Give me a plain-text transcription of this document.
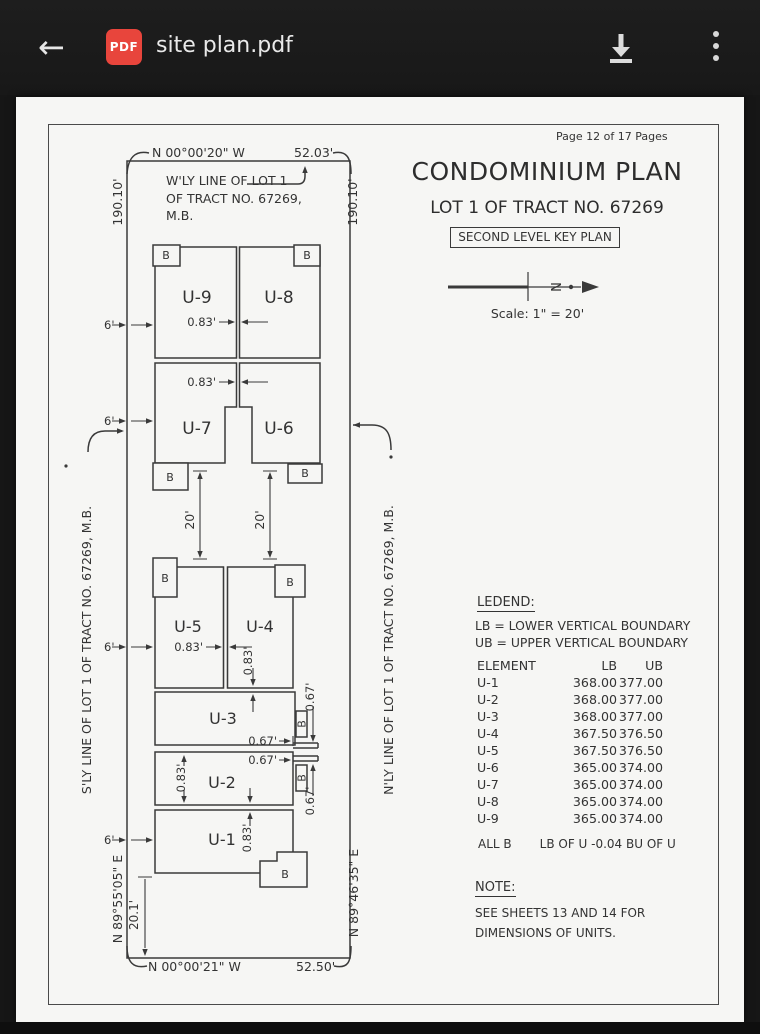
←	PDF site plan.pdf
Page 12 of 17 Pages
CONDOMINIUM PLAN
LOT 1 OF TRACT NO. 67269
SECOND LEVEL KEY PLAN
Scale: 1" = 20'
LEDEND:
LB = LOWER VERTICAL BOUNDARY
UB = UPPER VERTICAL BOUNDARY
ELEMENT	LB	UB
U-1	368.00 377.00
U-2	368.00 377.00
U-3	368.00 377.00
U-4	367.50 376.50
U-5	367.50 376.50
U-6	365.00 374.00
U-7	365.00 374.00
U-8	365.00 374.00
U-9	365.00 374.00
ALL B LB OF U -0.04 BU OF U
NOTE:
SEE SHEETS 13 AND 14 FOR
DIMENSIONS OF UNITS.
N
N 00°00'20" W	52.03'
N 00°00'21" W	52.50'
190.10'	190.10'
W'LY LINE OF LOT 1
OF TRACT NO. 67269,
M.B.
S'LY LINE OF LOT 1 OF TRACT NO. 67269, M.B.	N'LY LINE OF LOT 1 OF TRACT NO. 67269, M.B.
N 89°55'05" E	N 89°46'35" E
U-9	U-8
U-7	U-6
U-5	U-4
U-3
U-2
U-1
6'
6'
6'
6'
0.83'
0.83'
0.83'	0.83'
0.83'
0.83'
0.67'
0.67'
0.67'
0.67'
20'	20'
20.1'
B	B
B	B
B	B
B
B
B
